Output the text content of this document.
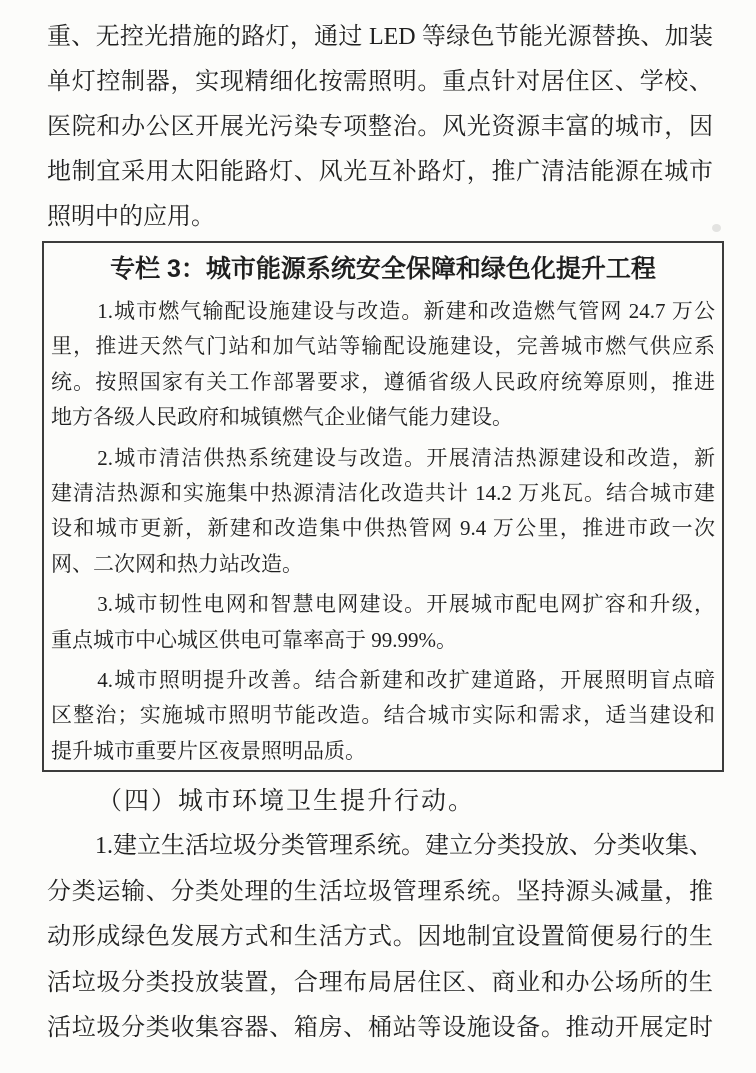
重、无控光措施的路灯，通过 LED 等绿色节能光源替换、加装
单灯控制器，实现精细化按需照明。重点针对居住区、学校、
医院和办公区开展光污染专项整治。风光资源丰富的城市，因
地制宜采用太阳能路灯、风光互补路灯，推广清洁能源在城市
照明中的应用。
专栏 3：城市能源系统安全保障和绿色化提升工程
1.城市燃气输配设施建设与改造。新建和改造燃气管网 24.7 万公
里，推进天然气门站和加气站等输配设施建设，完善城市燃气供应系
统。按照国家有关工作部署要求，遵循省级人民政府统筹原则，推进
地方各级人民政府和城镇燃气企业储气能力建设。
2.城市清洁供热系统建设与改造。开展清洁热源建设和改造，新
建清洁热源和实施集中热源清洁化改造共计 14.2 万兆瓦。结合城市建
设和城市更新，新建和改造集中供热管网 9.4 万公里，推进市政一次
网、二次网和热力站改造。
3.城市韧性电网和智慧电网建设。开展城市配电网扩容和升级，
重点城市中心城区供电可靠率高于 99.99%。
4.城市照明提升改善。结合新建和改扩建道路，开展照明盲点暗
区整治；实施城市照明节能改造。结合城市实际和需求，适当建设和
提升城市重要片区夜景照明品质。
（四）城市环境卫生提升行动。
1.建立生活垃圾分类管理系统。建立分类投放、分类收集、
分类运输、分类处理的生活垃圾管理系统。坚持源头减量，推
动形成绿色发展方式和生活方式。因地制宜设置简便易行的生
活垃圾分类投放装置，合理布局居住区、商业和办公场所的生
活垃圾分类收集容器、箱房、桶站等设施设备。推动开展定时
